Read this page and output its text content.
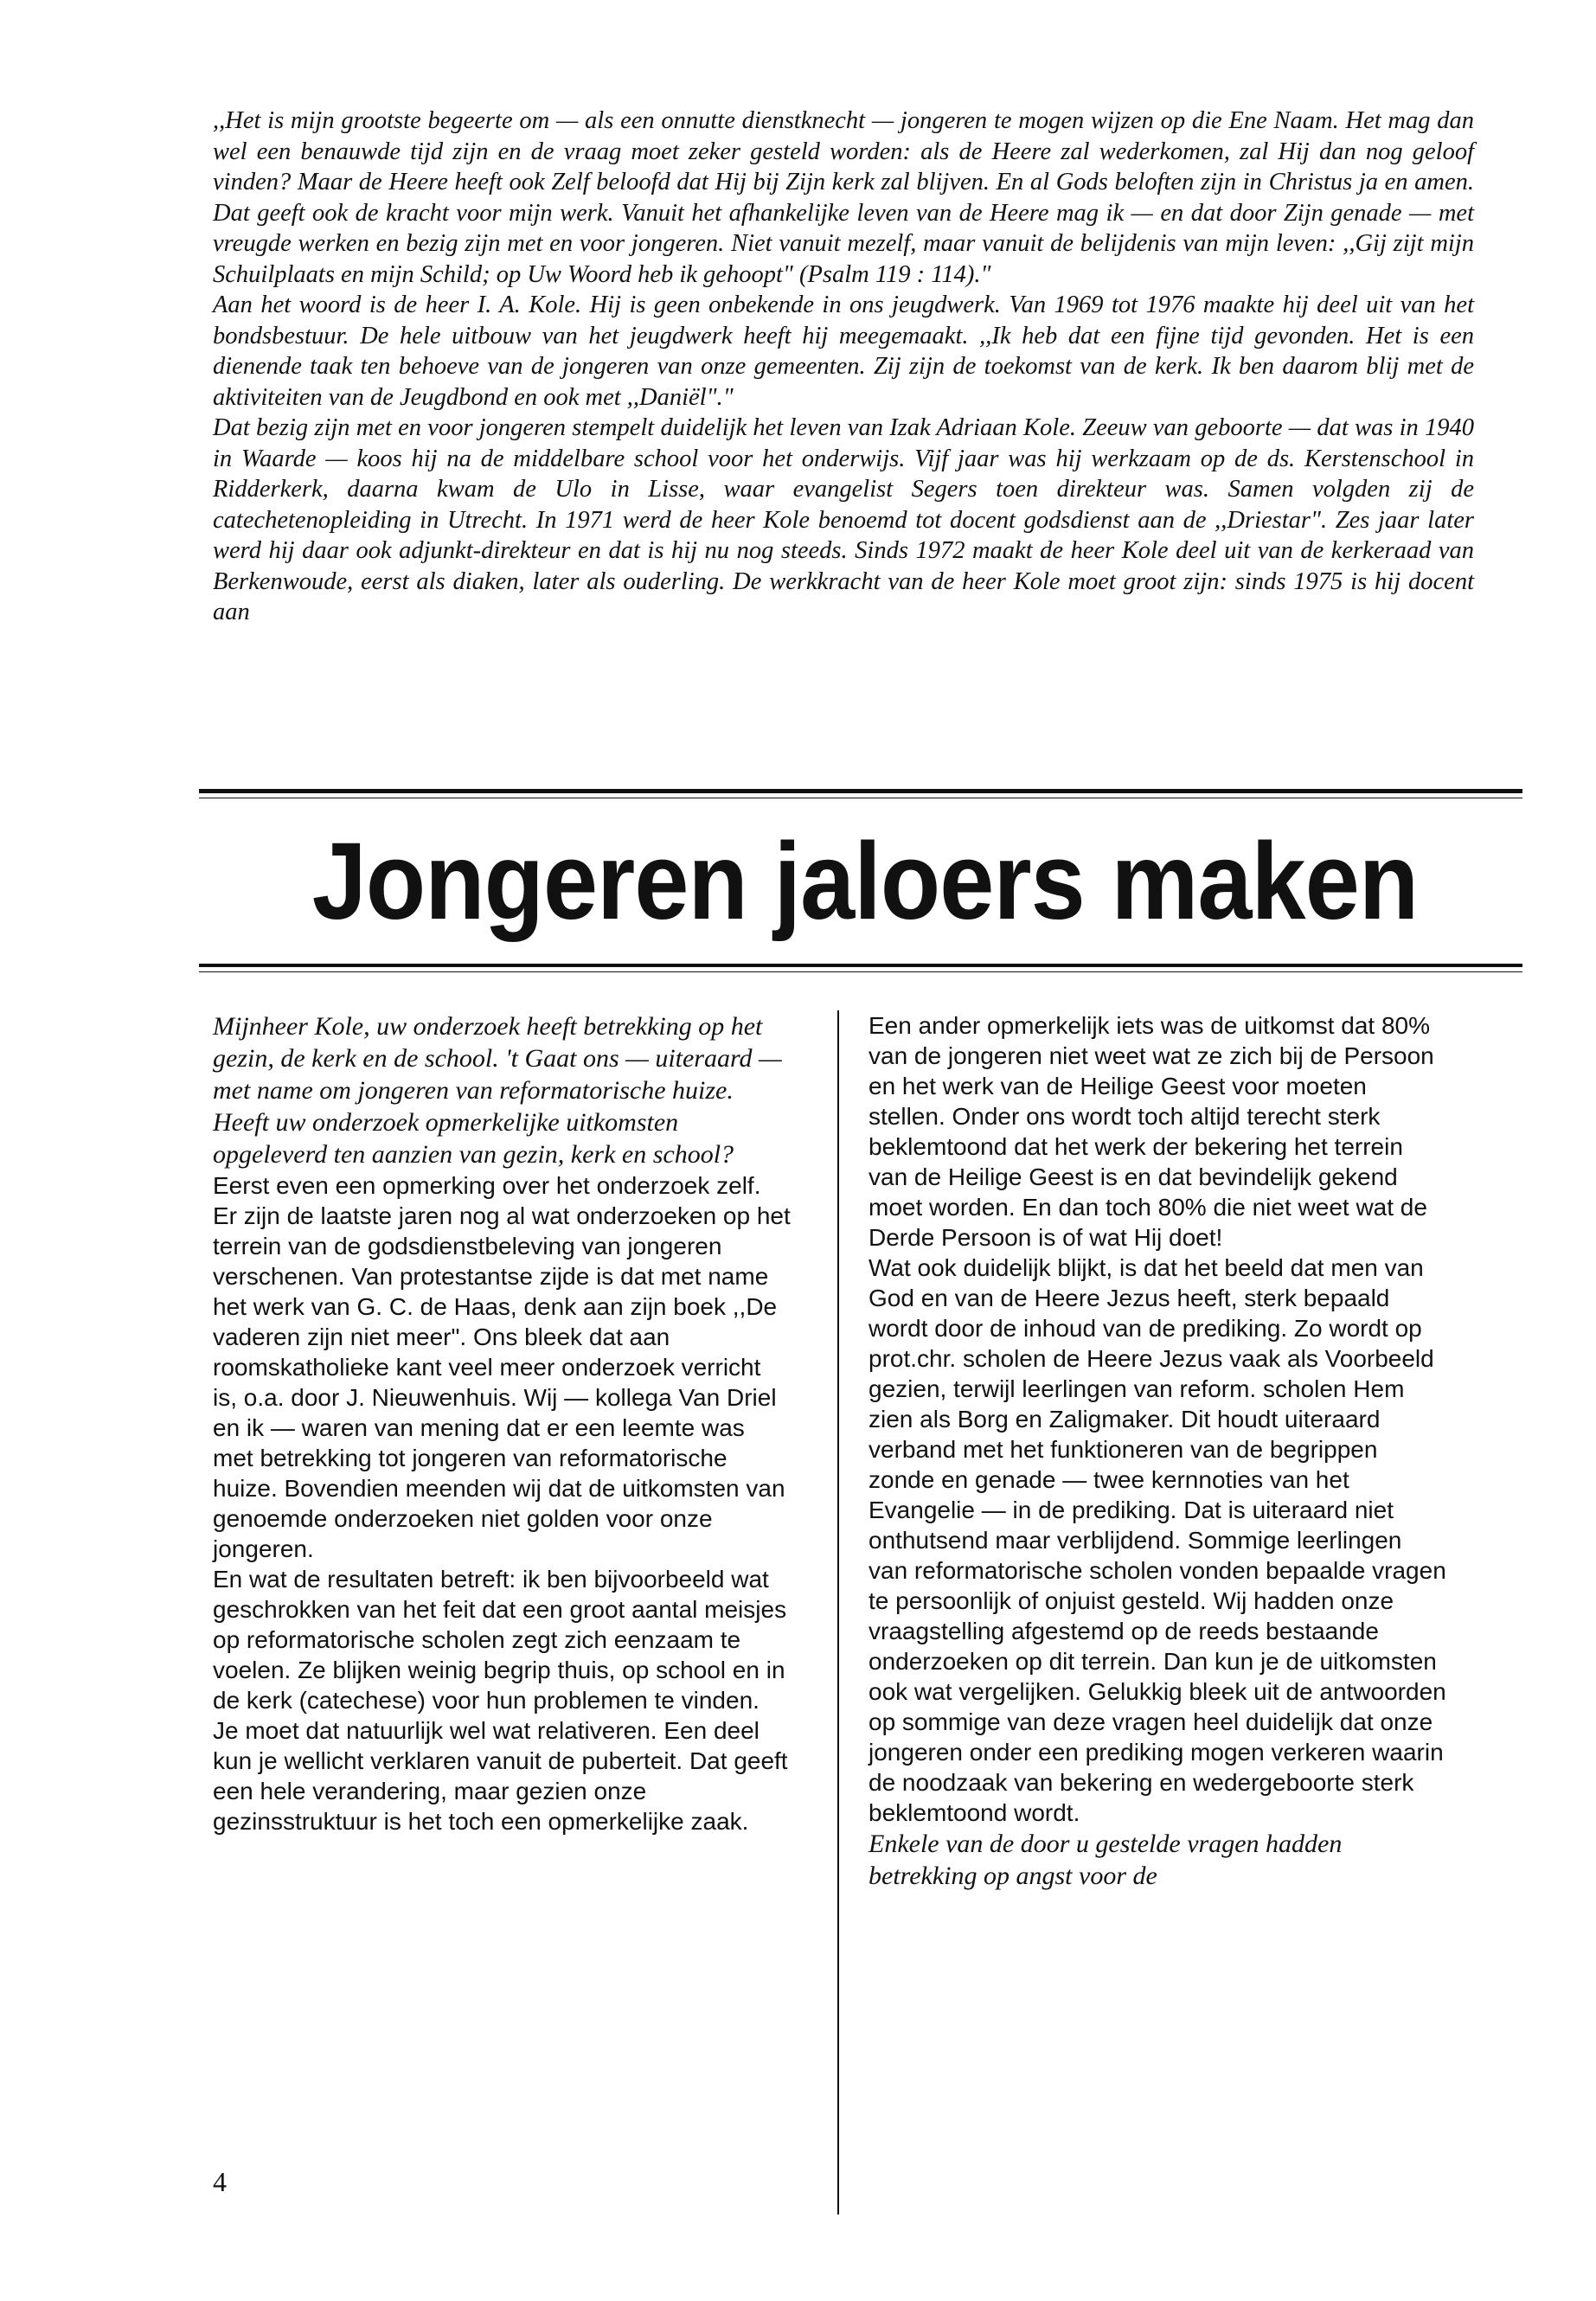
,,Het is mijn grootste begeerte om — als een onnutte dienstknecht — jongeren te mogen wijzen op die Ene Naam. Het mag dan wel een benauwde tijd zijn en de vraag moet zeker gesteld worden: als de Heere zal wederkomen, zal Hij dan nog geloof vinden? Maar de Heere heeft ook Zelf beloofd dat Hij bij Zijn kerk zal blijven. En al Gods beloften zijn in Christus ja en amen. Dat geeft ook de kracht voor mijn werk. Vanuit het afhankelijke leven van de Heere mag ik — en dat door Zijn genade — met vreugde werken en bezig zijn met en voor jongeren. Niet vanuit mezelf, maar vanuit de belijdenis van mijn leven: ,,Gij zijt mijn Schuilplaats en mijn Schild; op Uw Woord heb ik gehoopt" (Psalm 119 : 114)."

Aan het woord is de heer I. A. Kole. Hij is geen onbekende in ons jeugdwerk. Van 1969 tot 1976 maakte hij deel uit van het bondsbestuur. De hele uitbouw van het jeugdwerk heeft hij meegemaakt. ,,Ik heb dat een fijne tijd gevonden. Het is een dienende taak ten behoeve van de jongeren van onze gemeenten. Zij zijn de toekomst van de kerk. Ik ben daarom blij met de aktiviteiten van de Jeugdbond en ook met ,,Daniël"."

Dat bezig zijn met en voor jongeren stempelt duidelijk het leven van Izak Adriaan Kole. Zeeuw van geboorte — dat was in 1940 in Waarde — koos hij na de middelbare school voor het onderwijs. Vijf jaar was hij werkzaam op de ds. Kerstenschool in Ridderkerk, daarna kwam de Ulo in Lisse, waar evangelist Segers toen direkteur was. Samen volgden zij de catechetenopleiding in Utrecht. In 1971 werd de heer Kole benoemd tot docent godsdienst aan de ,,Driestar". Zes jaar later werd hij daar ook adjunkt-direkteur en dat is hij nu nog steeds. Sinds 1972 maakt de heer Kole deel uit van de kerkeraad van Berkenwoude, eerst als diaken, later als ouderling. De werkkracht van de heer Kole moet groot zijn: sinds 1975 is hij docent aan

Jongeren jaloers maken

Mijnheer Kole, uw onderzoek heeft betrekking op het gezin, de kerk en de school. 't Gaat ons — uiteraard — met name om jongeren van reformatorische huize. Heeft uw onderzoek opmerkelijke uitkomsten opgeleverd ten aanzien van gezin, kerk en school?

Eerst even een opmerking over het onderzoek zelf. Er zijn de laatste jaren nog al wat onderzoeken op het terrein van de godsdienstbeleving van jongeren verschenen. Van protestantse zijde is dat met name het werk van G. C. de Haas, denk aan zijn boek ,,De vaderen zijn niet meer". Ons bleek dat aan roomskatholieke kant veel meer onderzoek verricht is, o.a. door J. Nieuwenhuis. Wij — kollega Van Driel en ik — waren van mening dat er een leemte was met betrekking tot jongeren van reformatorische huize. Bovendien meenden wij dat de uitkomsten van genoemde onderzoeken niet golden voor onze jongeren.

En wat de resultaten betreft: ik ben bijvoorbeeld wat geschrokken van het feit dat een groot aantal meisjes op reformatorische scholen zegt zich eenzaam te voelen. Ze blijken weinig begrip thuis, op school en in de kerk (catechese) voor hun problemen te vinden. Je moet dat natuurlijk wel wat relativeren. Een deel kun je wellicht verklaren vanuit de puberteit. Dat geeft een hele verandering, maar gezien onze gezinsstruktuur is het toch een opmerkelijke zaak.

Een ander opmerkelijk iets was de uitkomst dat 80% van de jongeren niet weet wat ze zich bij de Persoon en het werk van de Heilige Geest voor moeten stellen. Onder ons wordt toch altijd terecht sterk beklemtoond dat het werk der bekering het terrein van de Heilige Geest is en dat bevindelijk gekend moet worden. En dan toch 80% die niet weet wat de Derde Persoon is of wat Hij doet!

Wat ook duidelijk blijkt, is dat het beeld dat men van God en van de Heere Jezus heeft, sterk bepaald wordt door de inhoud van de prediking. Zo wordt op prot.chr. scholen de Heere Jezus vaak als Voorbeeld gezien, terwijl leerlingen van reform. scholen Hem zien als Borg en Zaligmaker. Dit houdt uiteraard verband met het funktioneren van de begrippen zonde en genade — twee kernnoties van het Evangelie — in de prediking. Dat is uiteraard niet onthutsend maar verblijdend. Sommige leerlingen van reformatorische scholen vonden bepaalde vragen te persoonlijk of onjuist gesteld. Wij hadden onze vraagstelling afgestemd op de reeds bestaande onderzoeken op dit terrein. Dan kun je de uitkomsten ook wat vergelijken. Gelukkig bleek uit de antwoorden op sommige van deze vragen heel duidelijk dat onze jongeren onder een prediking mogen verkeren waarin de noodzaak van bekering en wedergeboorte sterk beklemtoond wordt.

Enkele van de door u gestelde vragen hadden betrekking op angst voor de

4
